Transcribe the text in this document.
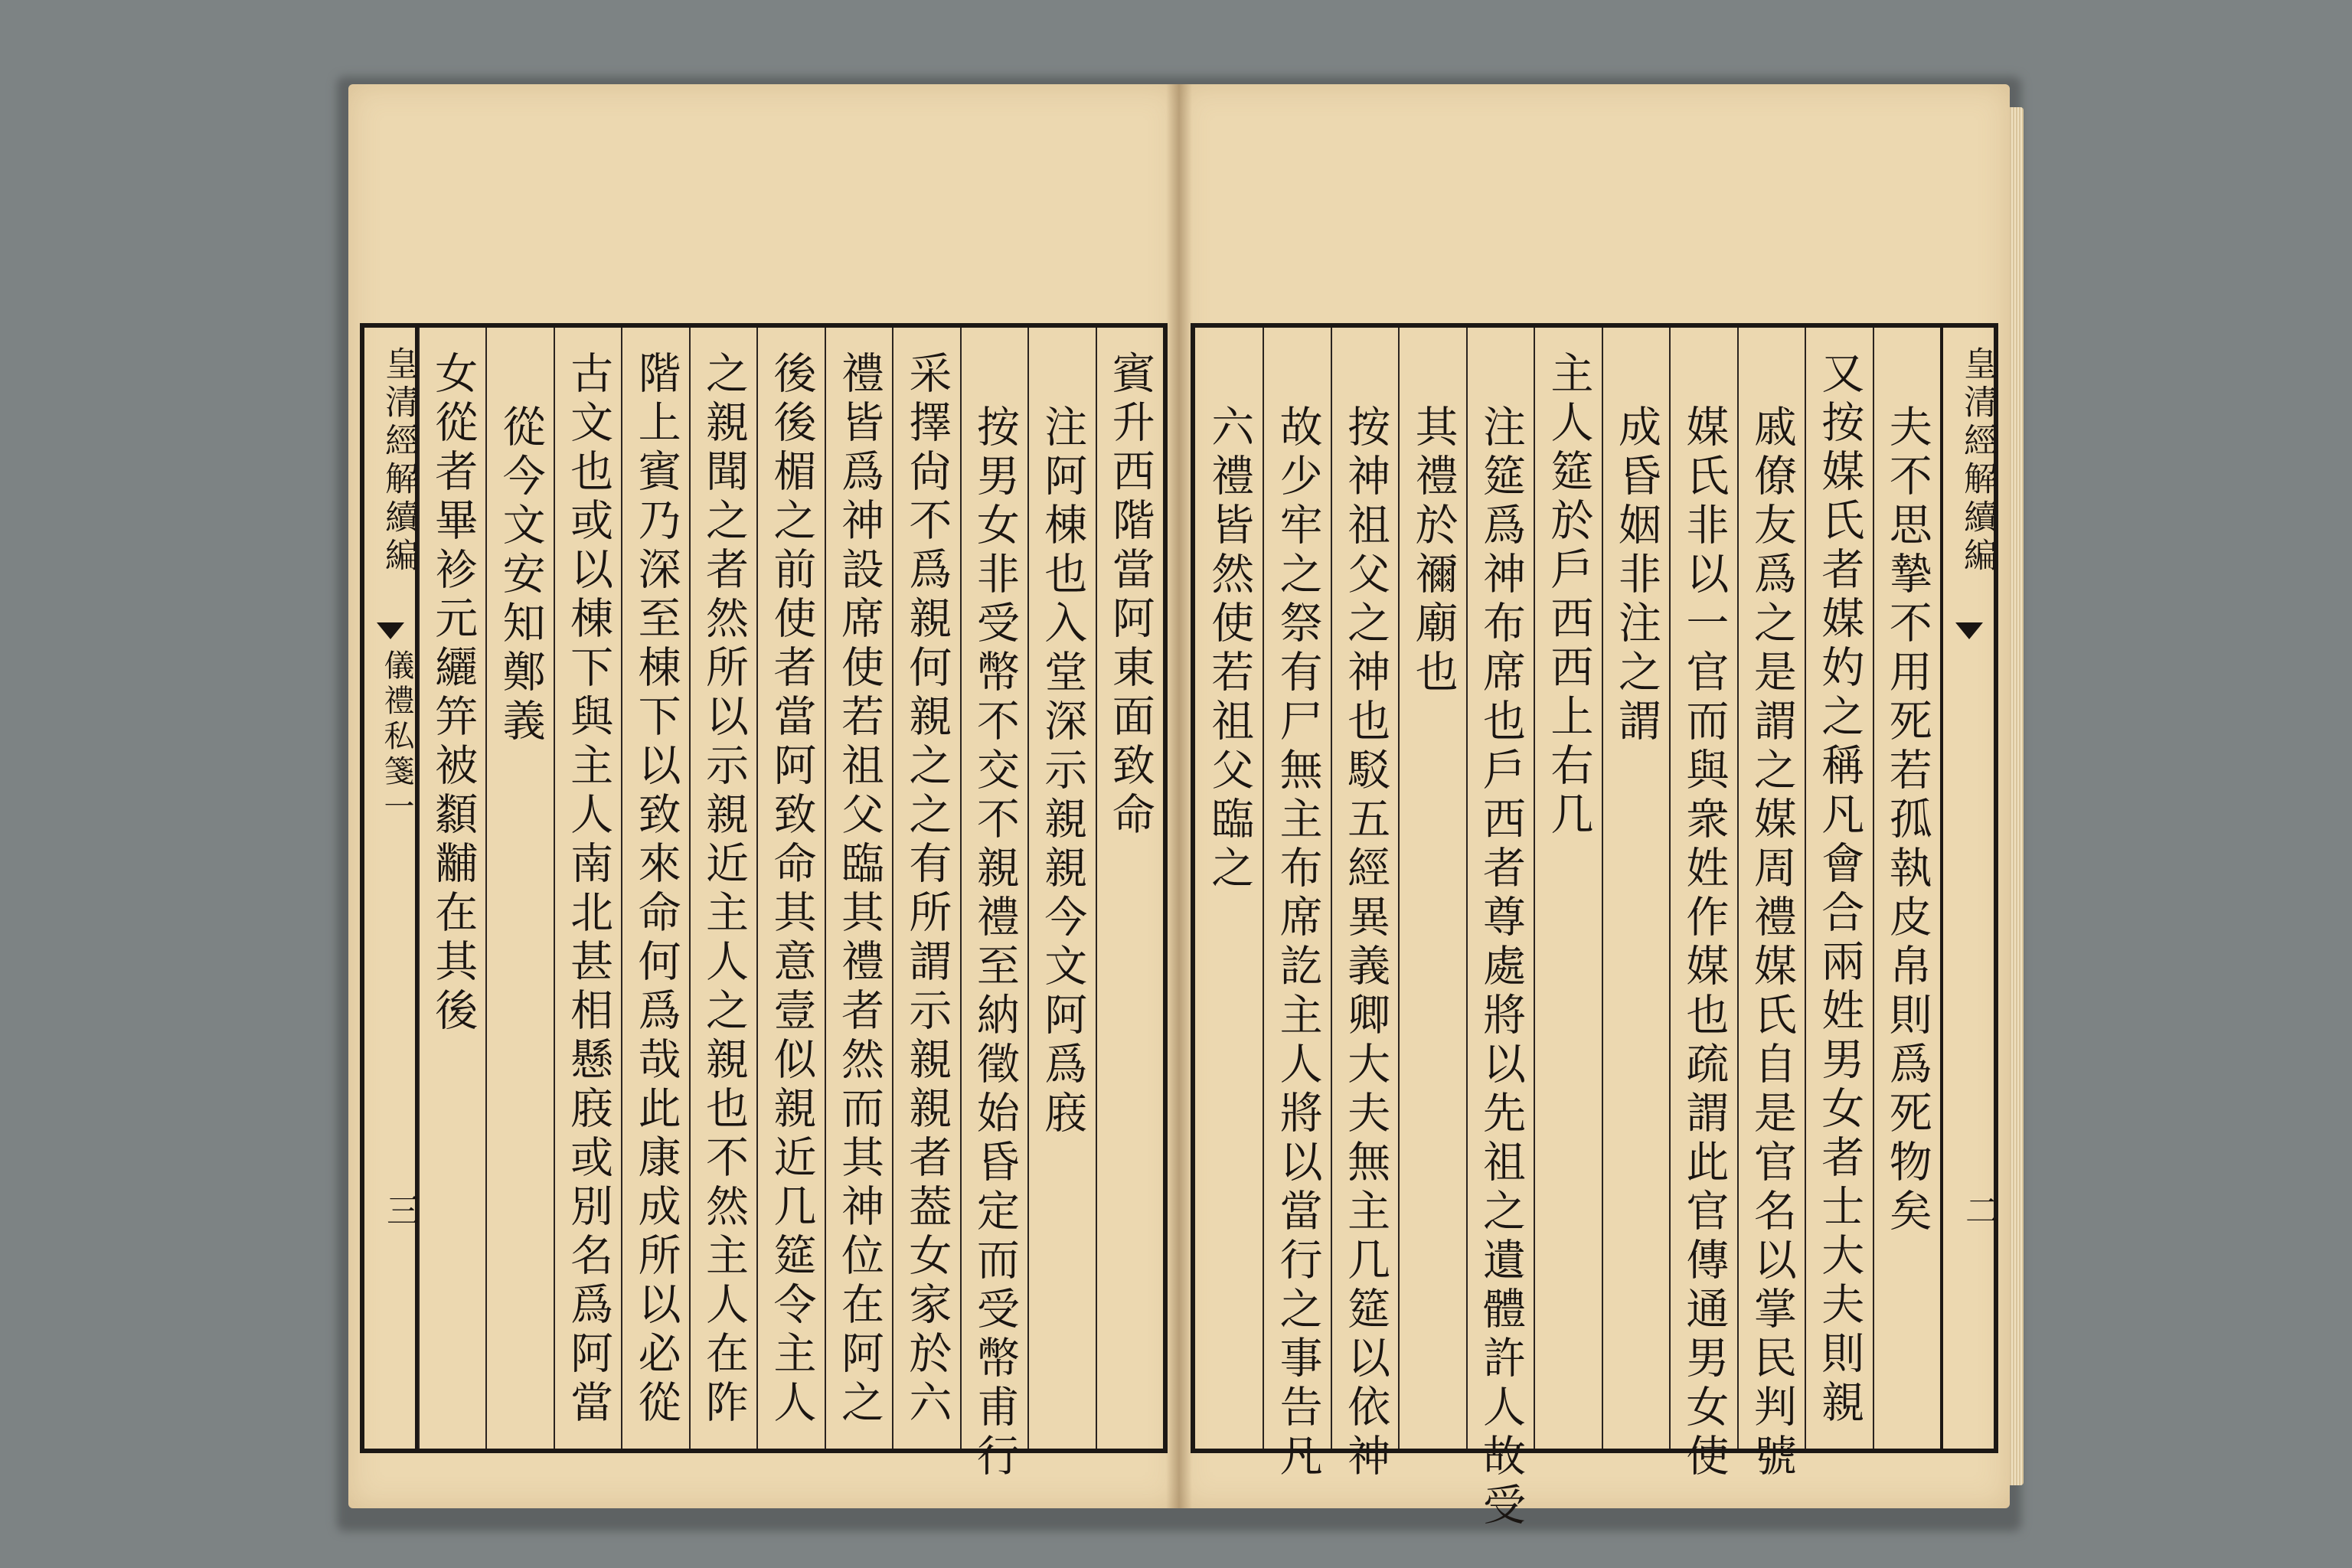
皇清經解續編
儀禮私箋一
三
賓升西階當阿東面致命
注阿棟也入堂深示親親今文阿爲庪
按男女非受幣不交不親禮至納徵始昏定而受幣甫行
采擇尙不爲親何親之之有所謂示親親者葢女家於六
禮皆爲神設席使若祖父臨其禮者然而其神位在阿之
後後楣之前使者當阿致命其意壹似親近几筵令主人
之親聞之者然所以示親近主人之親也不然主人在阼
階上賓乃深至棟下以致來命何爲哉此康成所以必從
古文也或以棟下與主人南北甚相懸庪或別名爲阿當
從今文安知鄭義
女從者畢袗元纚笄被纇黼在其後	皇清經解續編
二
夫不思摯不用死若孤執皮帛則爲死物矣
又按媒氏者媒妁之稱凡會合兩姓男女者士大夫則親
戚僚友爲之是謂之媒周禮媒氏自是官名以掌民判號
媒氏非以一官而與衆姓作媒也疏謂此官傳通男女使
成昏姻非注之謂
主人筵於戶西西上右几
注筵爲神布席也戶西者尊處將以先祖之遺體許人故受
其禮於禰廟也
按神祖父之神也駁五經異義卿大夫無主几筵以依神
故少牢之祭有尸無主布席訖主人將以當行之事告凡
六禮皆然使若祖父臨之
